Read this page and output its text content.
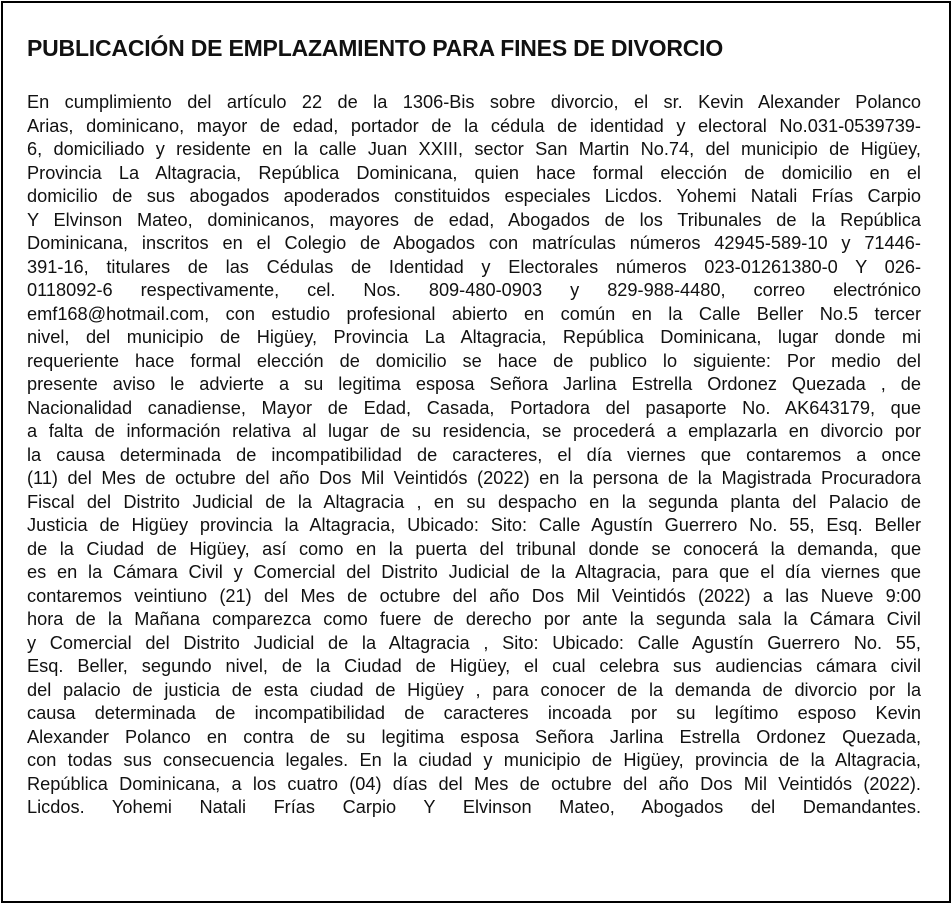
PUBLICACIÓN DE EMPLAZAMIENTO PARA FINES DE DIVORCIO
En cumplimiento del artículo 22 de la 1306-Bis sobre divorcio, el sr. Kevin Alexander Polanco
Arias, dominicano, mayor de edad, portador de la cédula de identidad y electoral No.031-0539739-
6, domiciliado y residente en la calle Juan XXIII, sector San Martin No.74, del municipio de Higüey,
Provincia La Altagracia, República Dominicana, quien hace formal elección de domicilio en el
domicilio de sus abogados apoderados constituidos especiales Licdos. Yohemi Natali Frías Carpio
Y Elvinson Mateo, dominicanos, mayores de edad, Abogados de los Tribunales de la República
Dominicana, inscritos en el Colegio de Abogados con matrículas números 42945-589-10 y 71446-
391-16, titulares de las Cédulas de Identidad y Electorales números 023-01261380-0 Y 026-
0118092-6 respectivamente, cel. Nos. 809-480-0903 y 829-988-4480, correo electrónico
emf168@hotmail.com, con estudio profesional abierto en común en la Calle Beller No.5 tercer
nivel, del municipio de Higüey, Provincia La Altagracia, República Dominicana, lugar donde mi
requeriente hace formal elección de domicilio se hace de publico lo siguiente: Por medio del
presente aviso le advierte a su legitima esposa Señora Jarlina Estrella Ordonez Quezada , de
Nacionalidad canadiense, Mayor de Edad, Casada, Portadora del pasaporte No. AK643179, que
a falta de información relativa al lugar de su residencia, se procederá a emplazarla en divorcio por
la causa determinada de incompatibilidad de caracteres, el día viernes que contaremos a once
(11) del Mes de octubre del año Dos Mil Veintidós (2022) en la persona de la Magistrada Procuradora
Fiscal del Distrito Judicial de la Altagracia , en su despacho en la segunda planta del Palacio de
Justicia de Higüey provincia la Altagracia, Ubicado: Sito: Calle Agustín Guerrero No. 55, Esq. Beller
de la Ciudad de Higüey, así como en la puerta del tribunal donde se conocerá la demanda, que
es en la Cámara Civil y Comercial del Distrito Judicial de la Altagracia, para que el día viernes que
contaremos veintiuno (21) del Mes de octubre del año Dos Mil Veintidós (2022) a las Nueve 9:00
hora de la Mañana comparezca como fuere de derecho por ante la segunda sala la Cámara Civil
y Comercial del Distrito Judicial de la Altagracia , Sito: Ubicado: Calle Agustín Guerrero No. 55,
Esq. Beller, segundo nivel, de la Ciudad de Higüey, el cual celebra sus audiencias cámara civil
del palacio de justicia de esta ciudad de Higüey , para conocer de la demanda de divorcio por la
causa determinada de incompatibilidad de caracteres incoada por su legítimo esposo Kevin
Alexander Polanco en contra de su legitima esposa Señora Jarlina Estrella Ordonez Quezada,
con todas sus consecuencia legales. En la ciudad y municipio de Higüey, provincia de la Altagracia,
República Dominicana, a los cuatro (04) días del Mes de octubre del año Dos Mil Veintidós (2022).
Licdos. Yohemi Natali Frías Carpio Y Elvinson Mateo, Abogados del Demandantes.
